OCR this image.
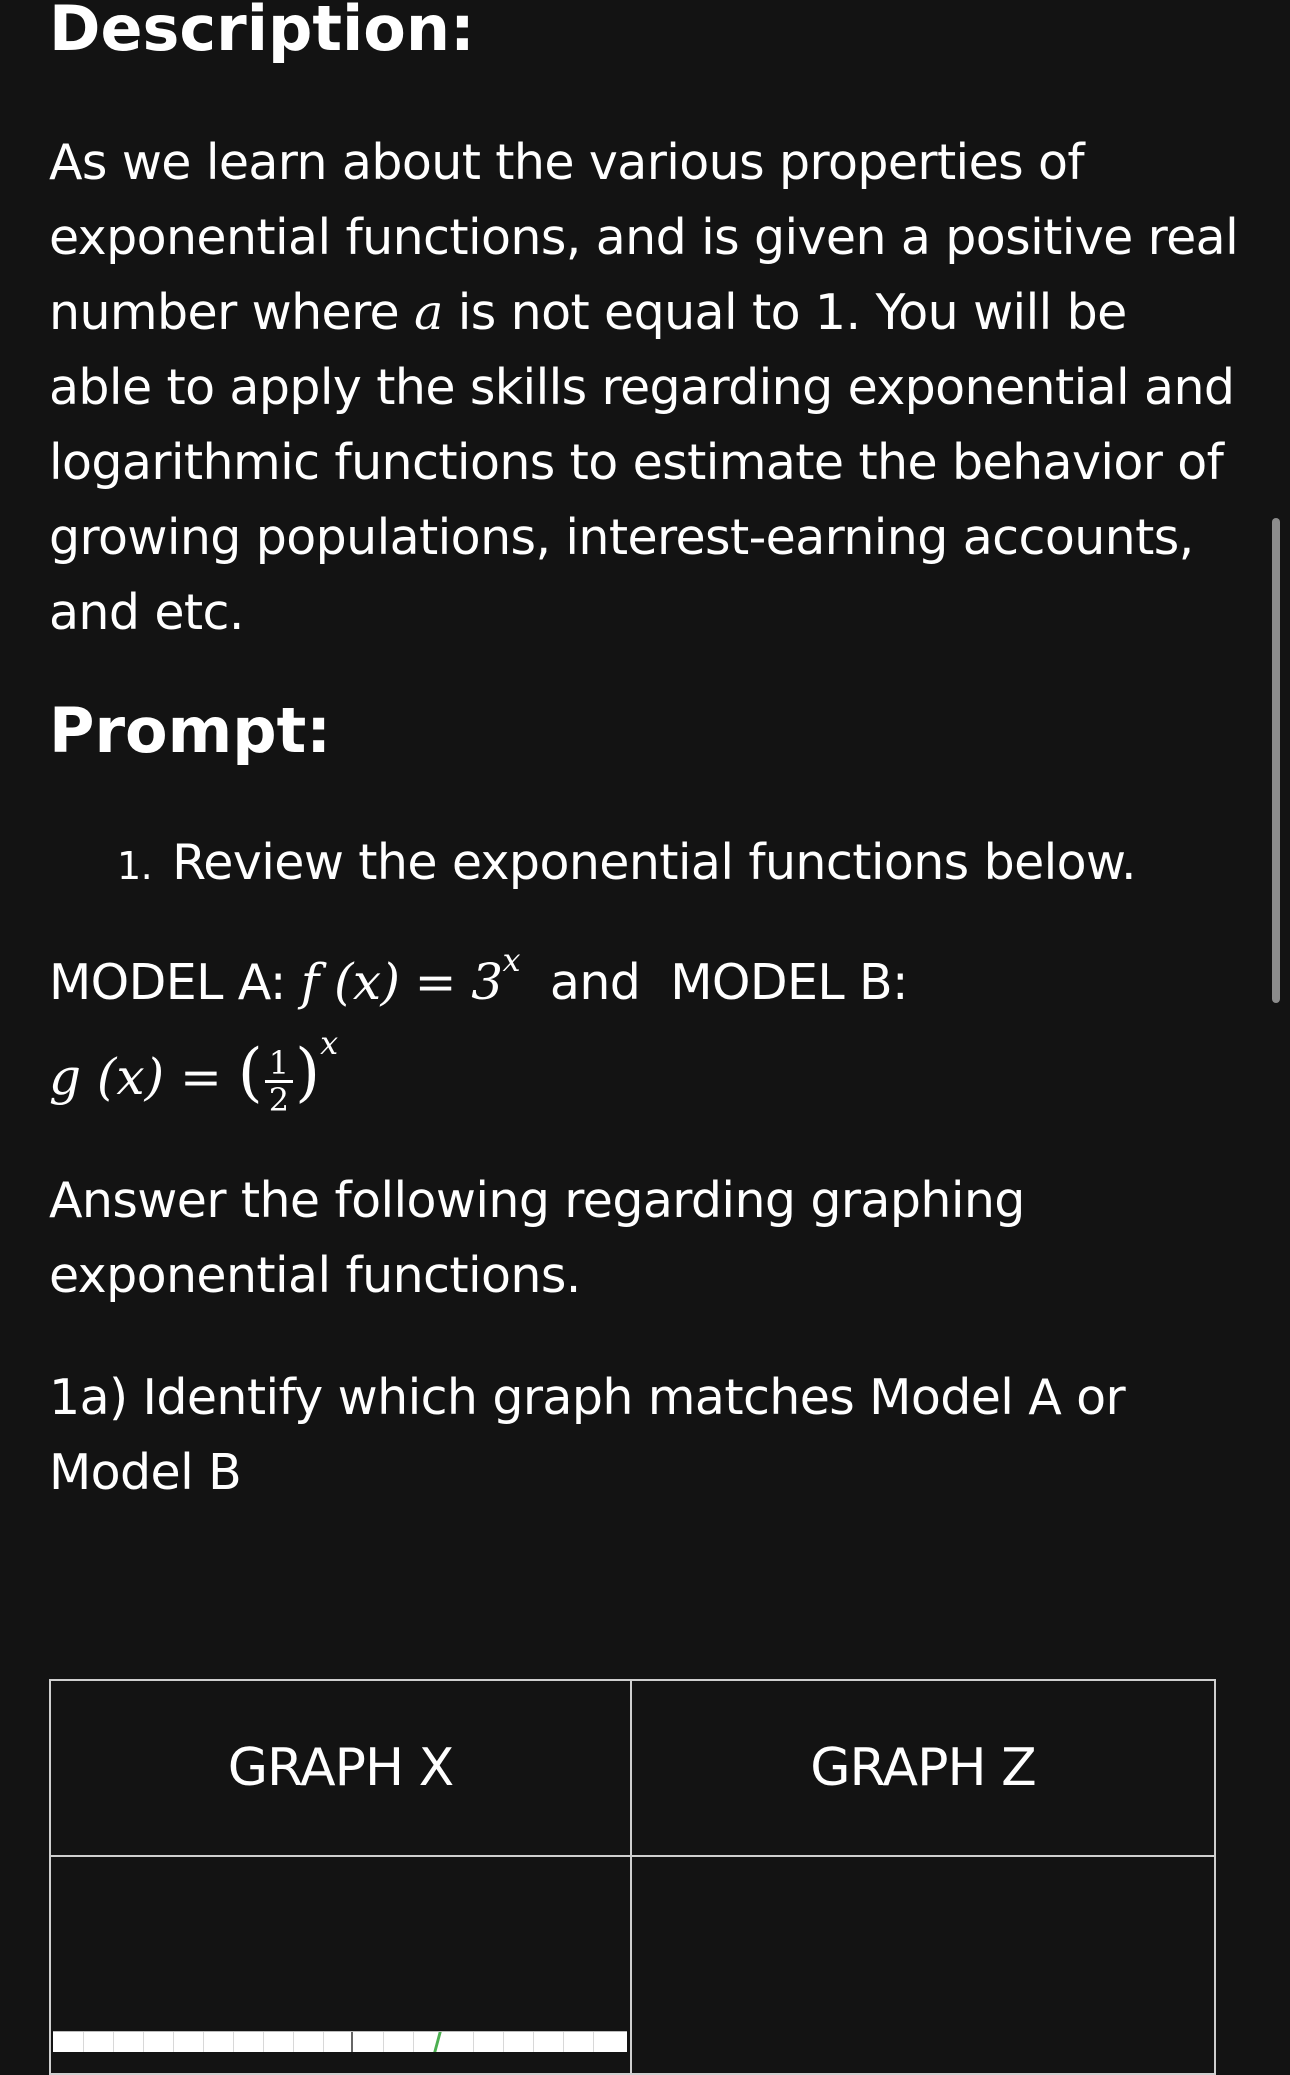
Description:
As we learn about the various properties of exponential functions, and is given a positive real number where a is not equal to 1. You will be able to apply the skills regarding exponential and logarithmic functions to estimate the behavior of growing populations, interest-earning accounts, and etc.
Prompt:
1. Review the exponential functions below.
MODEL A: f $(x) = 3^x$ and MODEL B:
g (x) = ( $\frac{1}{2} )^x$
Answer the following regarding graphing exponential functions.
1a) Identify which graph matches Model A or Model B
GRAPH X	GRAPH Z
